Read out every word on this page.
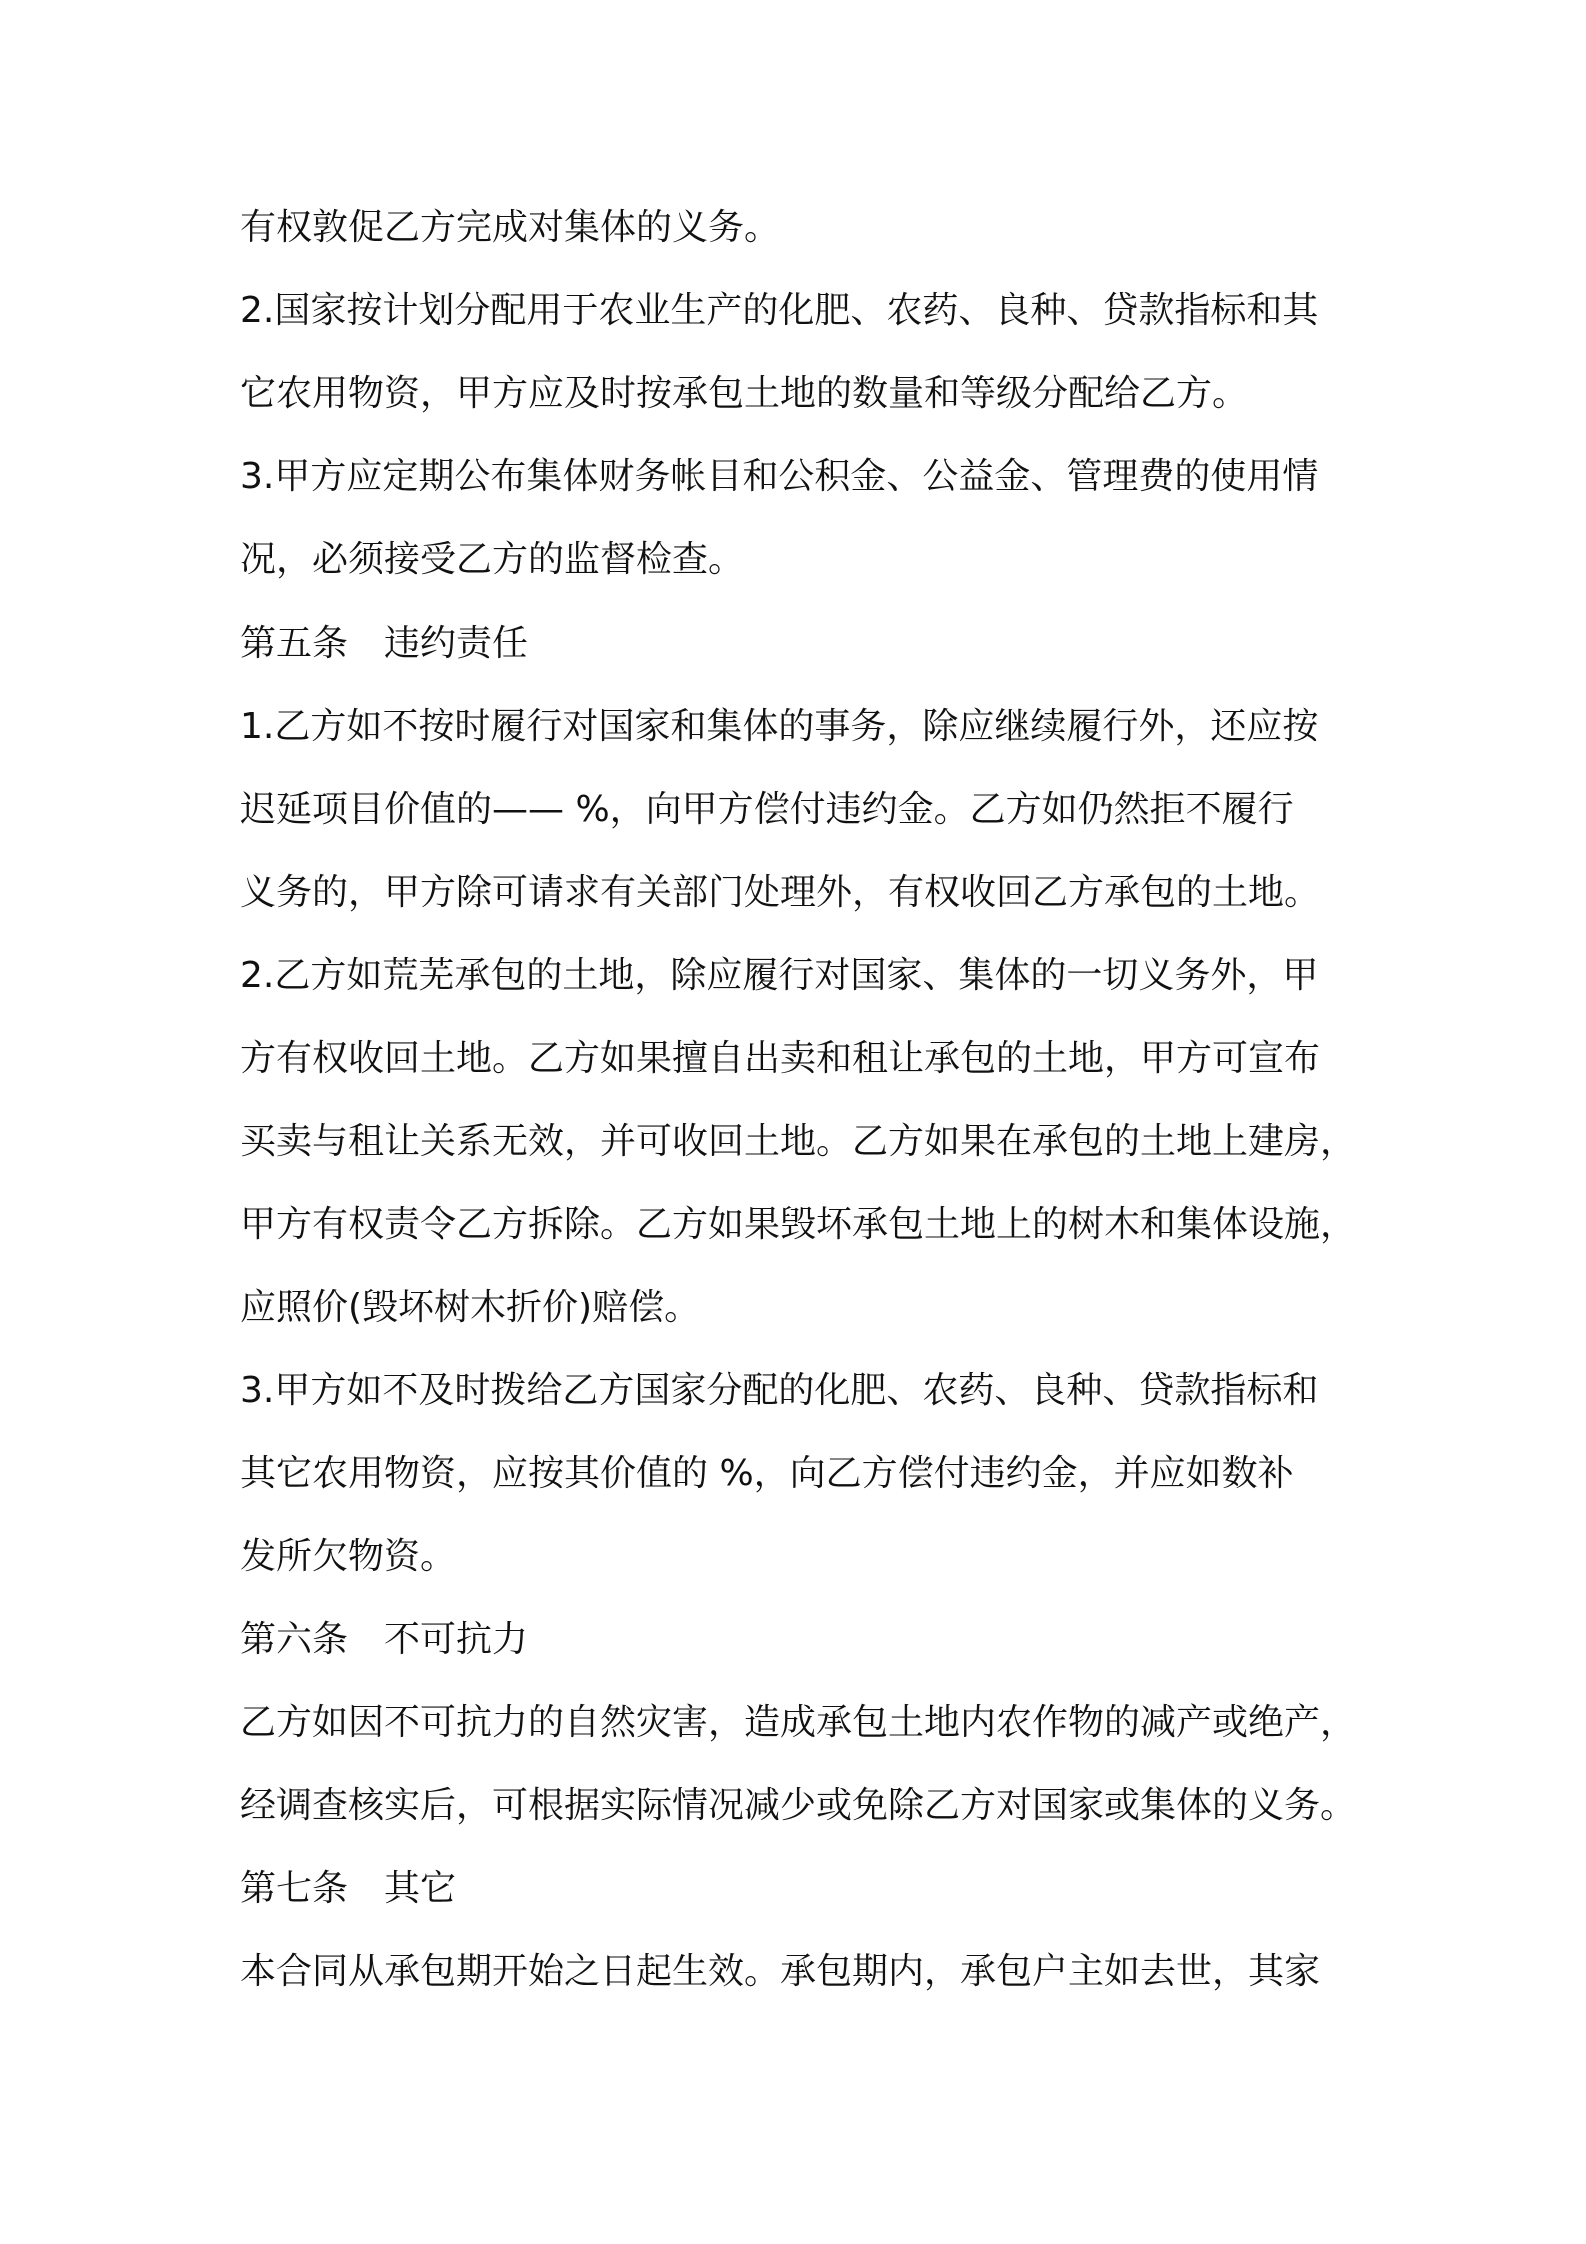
有权敦促乙方完成对集体的义务。

2.国家按计划分配用于农业生产的化肥、农药、良种、贷款指标和其

它农用物资，甲方应及时按承包土地的数量和等级分配给乙方。

3.甲方应定期公布集体财务帐目和公积金、公益金、管理费的使用情

况，必须接受乙方的监督检查。

第五条　违约责任

1.乙方如不按时履行对国家和集体的事务，除应继续履行外，还应按

迟延项目价值的—— %，向甲方偿付违约金。乙方如仍然拒不履行

义务的，甲方除可请求有关部门处理外，有权收回乙方承包的土地。

2.乙方如荒芜承包的土地，除应履行对国家、集体的一切义务外，甲

方有权收回土地。乙方如果擅自出卖和租让承包的土地，甲方可宣布

买卖与租让关系无效，并可收回土地。乙方如果在承包的土地上建房，

甲方有权责令乙方拆除。乙方如果毁坏承包土地上的树木和集体设施，

应照价(毁坏树木折价)赔偿。

3.甲方如不及时拨给乙方国家分配的化肥、农药、良种、贷款指标和

其它农用物资，应按其价值的 %，向乙方偿付违约金，并应如数补

发所欠物资。

第六条　不可抗力

乙方如因不可抗力的自然灾害，造成承包土地内农作物的减产或绝产，

经调查核实后，可根据实际情况减少或免除乙方对国家或集体的义务。

第七条　其它

本合同从承包期开始之日起生效。承包期内，承包户主如去世，其家
